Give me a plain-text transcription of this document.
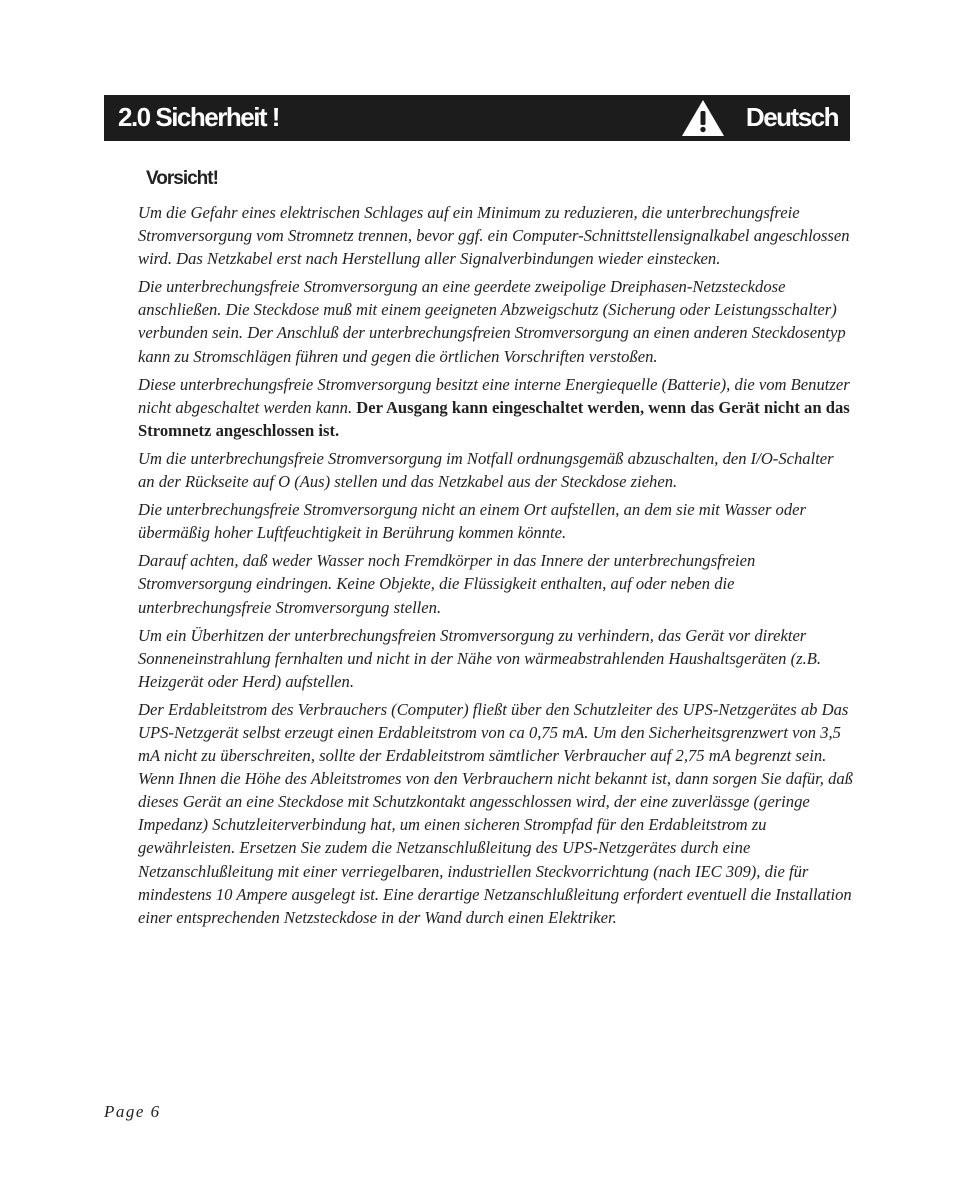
2.0 Sicherheit !	Deutsch
Vorsicht!

Um die Gefahr eines elektrischen Schlages auf ein Minimum zu reduzieren, die unterbrechungsfreie Stromversorgung vom Stromnetz trennen, bevor ggf. ein Computer-Schnittstellensignalkabel angeschlossen wird. Das Netzkabel erst nach Herstellung aller Signalverbindungen wieder einstecken.

Die unterbrechungsfreie Stromversorgung an eine geerdete zweipolige Dreiphasen-Netzsteckdose anschließen. Die Steckdose muß mit einem geeigneten Abzweigschutz (Sicherung oder Leistungsschalter) verbunden sein. Der Anschluß der unterbrechungsfreien Stromversorgung an einen anderen Steckdosentyp kann zu Stromschlägen führen und gegen die örtlichen Vorschriften verstoßen.

Diese unterbrechungsfreie Stromversorgung besitzt eine interne Energiequelle (Batterie), die vom Benutzer nicht abgeschaltet werden kann. Der Ausgang kann eingeschaltet werden, wenn das Gerät nicht an das Stromnetz angeschlossen ist.

Um die unterbrechungsfreie Stromversorgung im Notfall ordnungsgemäß abzuschalten, den I/O-Schalter an der Rückseite auf O (Aus) stellen und das Netzkabel aus der Steckdose ziehen.

Die unterbrechungsfreie Stromversorgung nicht an einem Ort aufstellen, an dem sie mit Wasser oder übermäßig hoher Luftfeuchtigkeit in Berührung kommen könnte.

Darauf achten, daß weder Wasser noch Fremdkörper in das Innere der unterbrechungsfreien Stromversorgung eindringen. Keine Objekte, die Flüssigkeit enthalten, auf oder neben die unterbrechungsfreie Stromversorgung stellen.

Um ein Überhitzen der unterbrechungsfreien Stromversorgung zu verhindern, das Gerät vor direkter Sonneneinstrahlung fernhalten und nicht in der Nähe von wärmeabstrahlenden Haushaltsgeräten (z.B. Heizgerät oder Herd) aufstellen.

Der Erdableitstrom des Verbrauchers (Computer) fließt über den Schutzleiter des UPS-Netzgerätes ab Das UPS-Netzgerät selbst erzeugt einen Erdableitstrom von ca 0,75 mA. Um den Sicherheitsgrenzwert von 3,5 mA nicht zu überschreiten, sollte der Erdableitstrom sämtlicher Verbraucher auf 2,75 mA begrenzt sein. Wenn Ihnen die Höhe des Ableitstromes von den Verbrauchern nicht bekannt ist, dann sorgen Sie dafür, daß dieses Gerät an eine Steckdose mit Schutzkontakt angesschlossen wird, der eine zuverlässge (geringe Impedanz) Schutzleiterverbindung hat, um einen sicheren Strompfad für den Erdableitstrom zu gewährleisten. Ersetzen Sie zudem die Netzanschlußleitung des UPS-Netzgerätes durch eine Netzanschlußleitung mit einer verriegelbaren, industriellen Steckvorrichtung (nach IEC 309), die für mindestens 10 Ampere ausgelegt ist. Eine derartige Netzanschlußleitung erfordert eventuell die Installation einer entsprechenden Netzsteckdose in der Wand durch einen Elektriker.

Page 6
